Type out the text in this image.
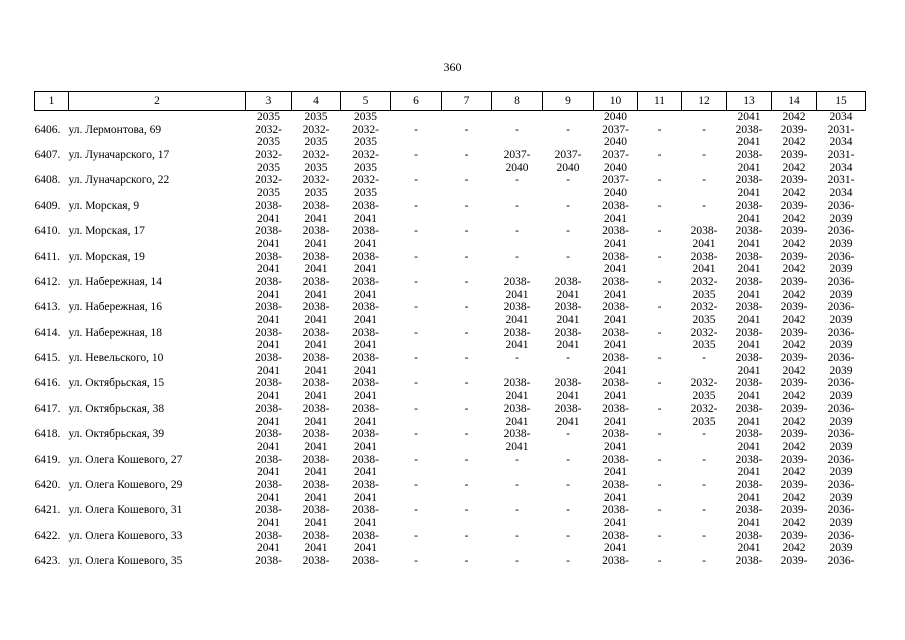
360
1	2	3	4	5	6	7	8	9	10	11	12	13	14	15
		2035	2035	2035					2040			2041	2042	2034
6406.	ул. Лермонтова, 69	2032-
2035	2032-
2035	2032-
2035	-	-	-	-	2037-
2040	-	-	2038-
2041	2039-
2042	2031-
2034

6407.	ул. Луначарского, 17	2032-
2035	2032-
2035	2032-
2035	-	-	2037-
2040	2037-
2040	2037-
2040	-	-	2038-
2041	2039-
2042	2031-
2034

6408.	ул. Луначарского, 22	2032-
2035	2032-
2035	2032-
2035	-	-	-	-	2037-
2040	-	-	2038-
2041	2039-
2042	2031-
2034

6409.	ул. Морская, 9	2038-
2041	2038-
2041	2038-
2041	-	-	-	-	2038-
2041	-	-	2038-
2041	2039-
2042	2036-
2039

6410.	ул. Морская, 17	2038-
2041	2038-
2041	2038-
2041	-	-	-	-	2038-
2041	-	2038-
2041	2038-
2041	2039-
2042	2036-
2039

6411.	ул. Морская, 19	2038-
2041	2038-
2041	2038-
2041	-	-	-	-	2038-
2041	-	2038-
2041	2038-
2041	2039-
2042	2036-
2039

6412.	ул. Набережная, 14	2038-
2041	2038-
2041	2038-
2041	-	-	2038-
2041	2038-
2041	2038-
2041	-	2032-
2035	2038-
2041	2039-
2042	2036-
2039

6413.	ул. Набережная, 16	2038-
2041	2038-
2041	2038-
2041	-	-	2038-
2041	2038-
2041	2038-
2041	-	2032-
2035	2038-
2041	2039-
2042	2036-
2039

6414.	ул. Набережная, 18	2038-
2041	2038-
2041	2038-
2041	-	-	2038-
2041	2038-
2041	2038-
2041	-	2032-
2035	2038-
2041	2039-
2042	2036-
2039

6415.	ул. Невельского, 10	2038-
2041	2038-
2041	2038-
2041	-	-	-	-	2038-
2041	-	-	2038-
2041	2039-
2042	2036-
2039

6416.	ул. Октябрьская, 15	2038-
2041	2038-
2041	2038-
2041	-	-	2038-
2041	2038-
2041	2038-
2041	-	2032-
2035	2038-
2041	2039-
2042	2036-
2039

6417.	ул. Октябрьская, 38	2038-
2041	2038-
2041	2038-
2041	-	-	2038-
2041	2038-
2041	2038-
2041	-	2032-
2035	2038-
2041	2039-
2042	2036-
2039

6418.	ул. Октябрьская, 39	2038-
2041	2038-
2041	2038-
2041	-	-	2038-
2041	-	2038-
2041	-	-	2038-
2041	2039-
2042	2036-
2039

6419.	ул. Олега Кошевого, 27	2038-
2041	2038-
2041	2038-
2041	-	-	-	-	2038-
2041	-	-	2038-
2041	2039-
2042	2036-
2039

6420.	ул. Олега Кошевого, 29	2038-
2041	2038-
2041	2038-
2041	-	-	-	-	2038-
2041	-	-	2038-
2041	2039-
2042	2036-
2039

6421.	ул. Олега Кошевого, 31	2038-
2041	2038-
2041	2038-
2041	-	-	-	-	2038-
2041	-	-	2038-
2041	2039-
2042	2036-
2039

6422.	ул. Олега Кошевого, 33	2038-
2041	2038-
2041	2038-
2041	-	-	-	-	2038-
2041	-	-	2038-
2041	2039-
2042	2036-
2039

6423.	ул. Олега Кошевого, 35	2038-	2038-	2038-	-	-	-	-	2038-	-	-	2038-	2039-	2036-
